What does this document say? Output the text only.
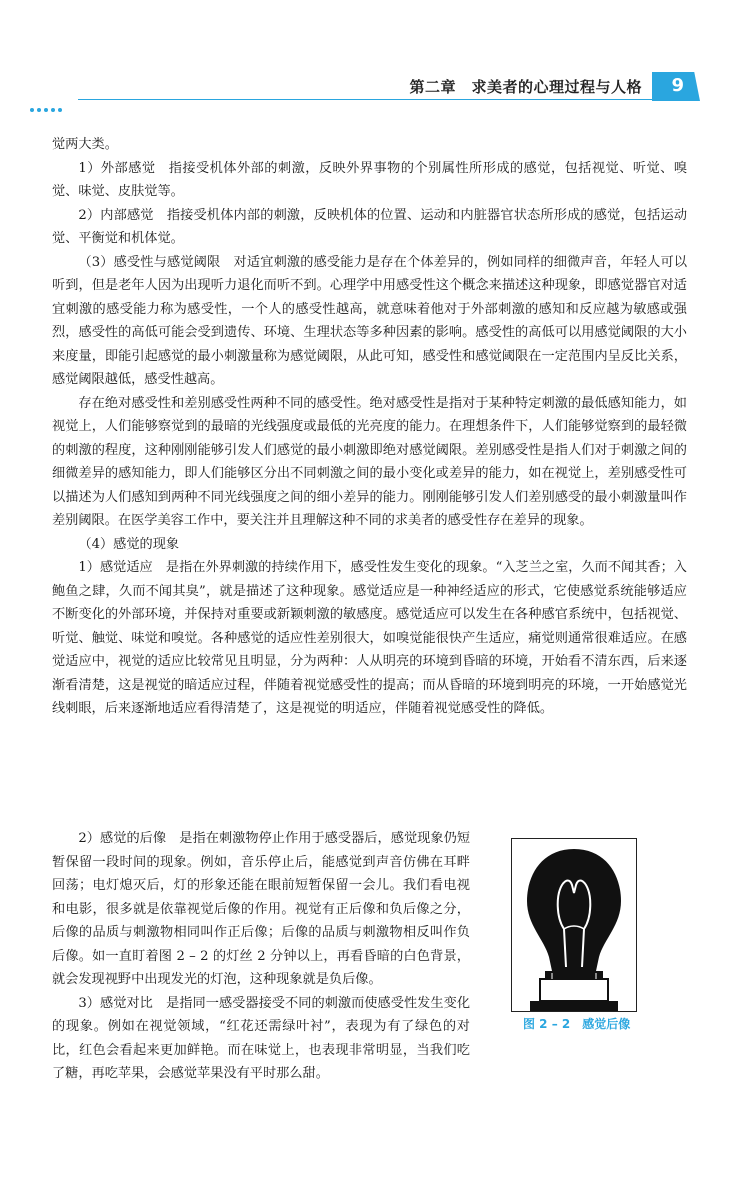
第二章　求美者的心理过程与人格 9

觉两大类。

1）外部感觉 指接受机体外部的刺激，反映外界事物的个别属性所形成的感觉，包括视觉、听觉、嗅觉、味觉、皮肤觉等。

2）内部感觉 指接受机体内部的刺激，反映机体的位置、运动和内脏器官状态所形成的感觉，包括运动觉、平衡觉和机体觉。

（3）感受性与感觉阈限 对适宜刺激的感受能力是存在个体差异的，例如同样的细微声音，年轻人可以听到，但是老年人因为出现听力退化而听不到。心理学中用感受性这个概念来描述这种现象，即感觉器官对适宜刺激的感受能力称为感受性，一个人的感受性越高，就意味着他对于外部刺激的感知和反应越为敏感或强烈，感受性的高低可能会受到遗传、环境、生理状态等多种因素的影响。感受性的高低可以用感觉阈限的大小来度量，即能引起感觉的最小刺激量称为感觉阈限，从此可知，感受性和感觉阈限在一定范围内呈反比关系，感觉阈限越低，感受性越高。

存在绝对感受性和差别感受性两种不同的感受性。绝对感受性是指对于某种特定刺激的最低感知能力，如视觉上，人们能够察觉到的最暗的光线强度或最低的光亮度的能力。在理想条件下，人们能够觉察到的最轻微的刺激的程度，这种刚刚能够引发人们感觉的最小刺激即绝对感觉阈限。差别感受性是指人们对于刺激之间的细微差异的感知能力，即人们能够区分出不同刺激之间的最小变化或差异的能力，如在视觉上，差别感受性可以描述为人们感知到两种不同光线强度之间的细小差异的能力。刚刚能够引发人们差别感受的最小刺激量叫作差别阈限。在医学美容工作中，要关注并且理解这种不同的求美者的感受性存在差异的现象。

（4）感觉的现象

1）感觉适应 是指在外界刺激的持续作用下，感受性发生变化的现象。“入芝兰之室，久而不闻其香；入鲍鱼之肆，久而不闻其臭”，就是描述了这种现象。感觉适应是一种神经适应的形式，它使感觉系统能够适应不断变化的外部环境，并保持对重要或新颖刺激的敏感度。感觉适应可以发生在各种感官系统中，包括视觉、听觉、触觉、味觉和嗅觉。各种感觉的适应性差别很大，如嗅觉能很快产生适应，痛觉则通常很难适应。在感觉适应中，视觉的适应比较常见且明显，分为两种：人从明亮的环境到昏暗的环境，开始看不清东西，后来逐渐看清楚，这是视觉的暗适应过程，伴随着视觉感受性的提高；而从昏暗的环境到明亮的环境，一开始感觉光线刺眼，后来逐渐地适应看得清楚了，这是视觉的明适应，伴随着视觉感受性的降低。

2）感觉的后像 是指在刺激物停止作用于感受器后，感觉现象仍短暂保留一段时间的现象。例如，音乐停止后，能感觉到声音仿佛在耳畔回荡；电灯熄灭后，灯的形象还能在眼前短暂保留一会儿。我们看电视和电影，很多就是依靠视觉后像的作用。视觉有正后像和负后像之分，后像的品质与刺激物相同叫作正后像；后像的品质与刺激物相反叫作负后像。如一直盯着图 2 – 2 的灯丝 2 分钟以上，再看昏暗的白色背景，就会发现视野中出现发光的灯泡，这种现象就是负后像。

3）感觉对比 是指同一感受器接受不同的刺激而使感受性发生变化的现象。例如在视觉领域，“红花还需绿叶衬”，表现为有了绿色的对比，红色会看起来更加鲜艳。而在味觉上，也表现非常明显，当我们吃了糖，再吃苹果，会感觉苹果没有平时那么甜。

图 2 – 2　感觉后像
